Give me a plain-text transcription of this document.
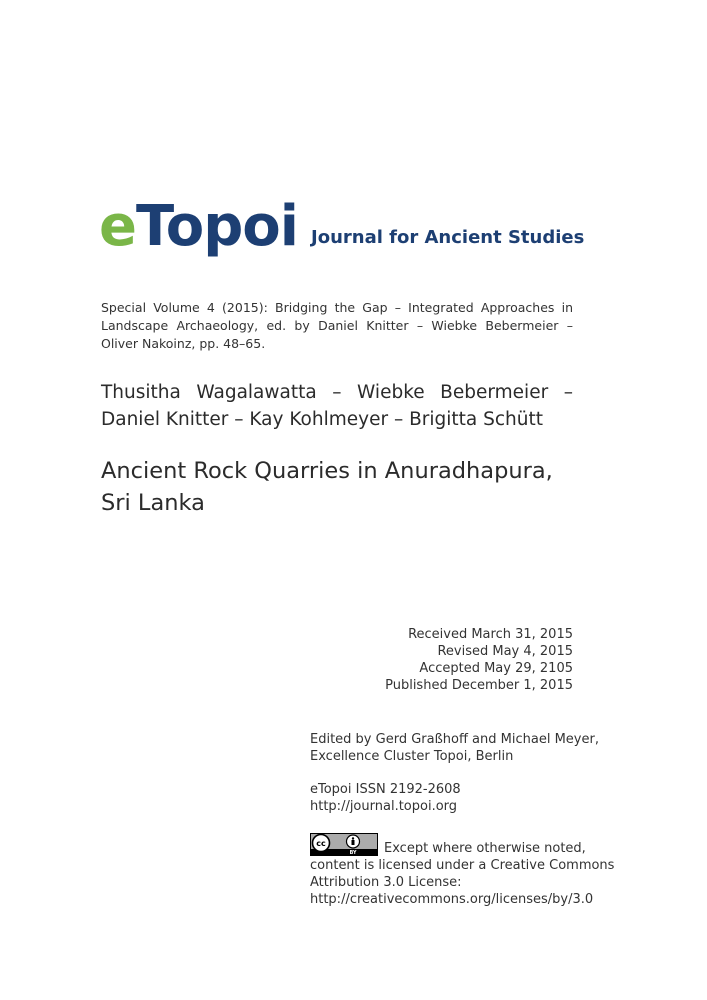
eTopoi Journal for Ancient Studies
Special Volume 4 (2015): Bridging the Gap – Integrated Approaches in Landscape Archaeology, ed. by Daniel Knitter – Wiebke Bebermeier – Oliver Nakoinz, pp. 48–65.
Thusitha Wagalawatta – Wiebke Bebermeier – Daniel Knitter – Kay Kohlmeyer – Brigitta Schütt
Ancient Rock Quarries in Anuradhapura,
Sri Lanka
Received March 31, 2015
Revised May 4, 2015
Accepted May 29, 2105
Published December 1, 2015
Edited by Gerd Graßhoff and Michael Meyer,
Excellence Cluster Topoi, Berlin
eTopoi ISSN 2192-2608
http://journal.topoi.org
cc
BY Except where otherwise noted,
content is licensed under a Creative Commons
Attribution 3.0 License:
http://creativecommons.org/licenses/by/3.0
